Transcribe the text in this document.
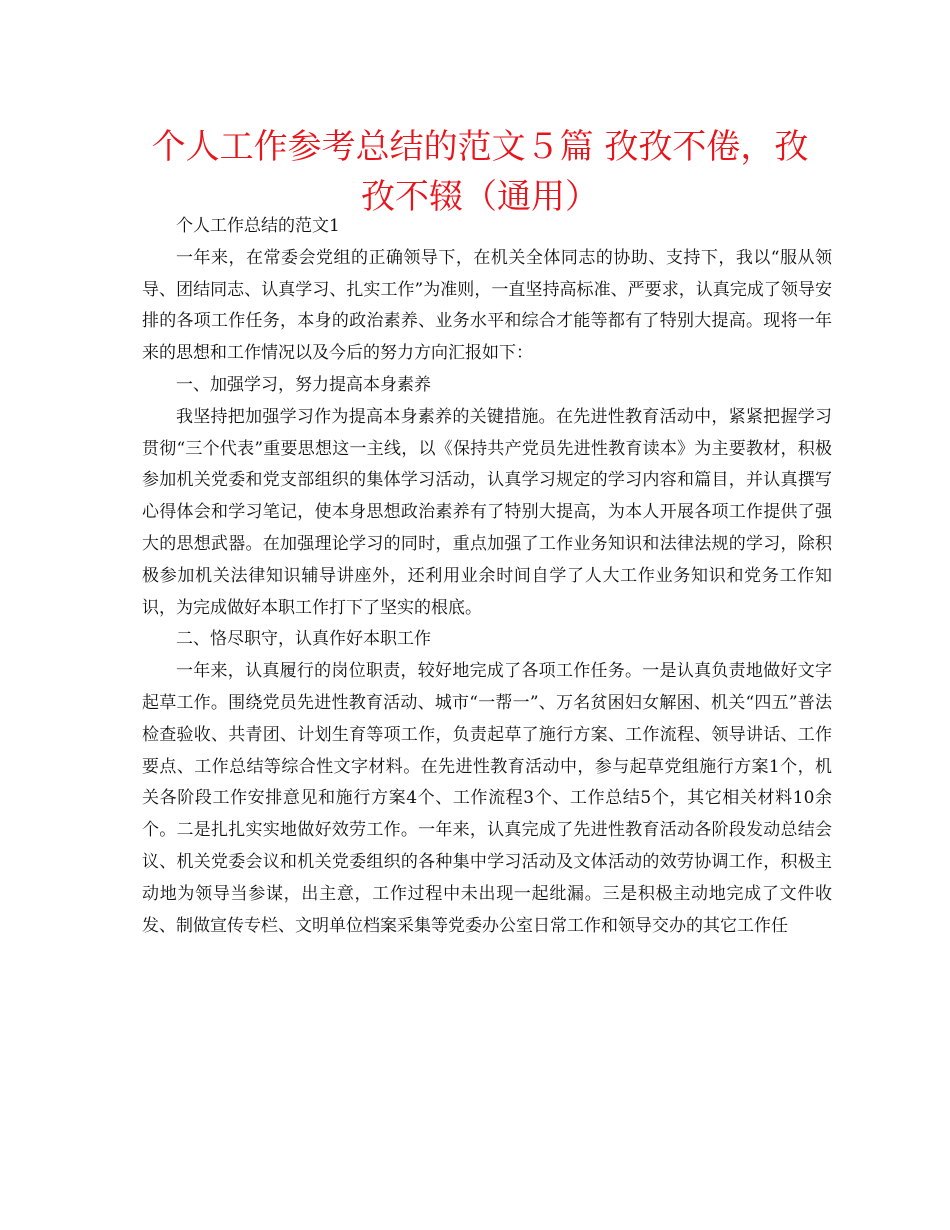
个人工作参考总结的范文５篇 孜孜不倦，孜孜不辍（通用）

个人工作总结的范文1

一年来，在常委会党组的正确领导下，在机关全体同志的协助、支持下，我以“服从领导、团结同志、认真学习、扎实工作”为准则，一直坚持高标准、严要求，认真完成了领导安排的各项工作任务，本身的政治素养、业务水平和综合才能等都有了特别大提高。现将一年来的思想和工作情况以及今后的努力方向汇报如下：

一、加强学习，努力提高本身素养

我坚持把加强学习作为提高本身素养的关键措施。在先进性教育活动中，紧紧把握学习贯彻“三个代表”重要思想这一主线，以《保持共产党员先进性教育读本》为主要教材，积极参加机关党委和党支部组织的集体学习活动，认真学习规定的学习内容和篇目，并认真撰写心得体会和学习笔记，使本身思想政治素养有了特别大提高，为本人开展各项工作提供了强大的思想武器。在加强理论学习的同时，重点加强了工作业务知识和法律法规的学习，除积极参加机关法律知识辅导讲座外，还利用业余时间自学了人大工作业务知识和党务工作知识，为完成做好本职工作打下了坚实的根底。

二、恪尽职守，认真作好本职工作

一年来，认真履行的岗位职责，较好地完成了各项工作任务。一是认真负责地做好文字起草工作。围绕党员先进性教育活动、城市“一帮一”、万名贫困妇女解困、机关“四五”普法检查验收、共青团、计划生育等项工作，负责起草了施行方案、工作流程、领导讲话、工作要点、工作总结等综合性文字材料。在先进性教育活动中，参与起草党组施行方案1个，机关各阶段工作安排意见和施行方案4个、工作流程3个、工作总结5个，其它相关材料10余个。二是扎扎实实地做好效劳工作。一年来，认真完成了先进性教育活动各阶段发动总结会议、机关党委会议和机关党委组织的各种集中学习活动及文体活动的效劳协调工作，积极主动地为领导当参谋，出主意，工作过程中未出现一起纰漏。三是积极主动地完成了文件收发、制做宣传专栏、文明单位档案采集等党委办公室日常工作和领导交办的其它工作任
